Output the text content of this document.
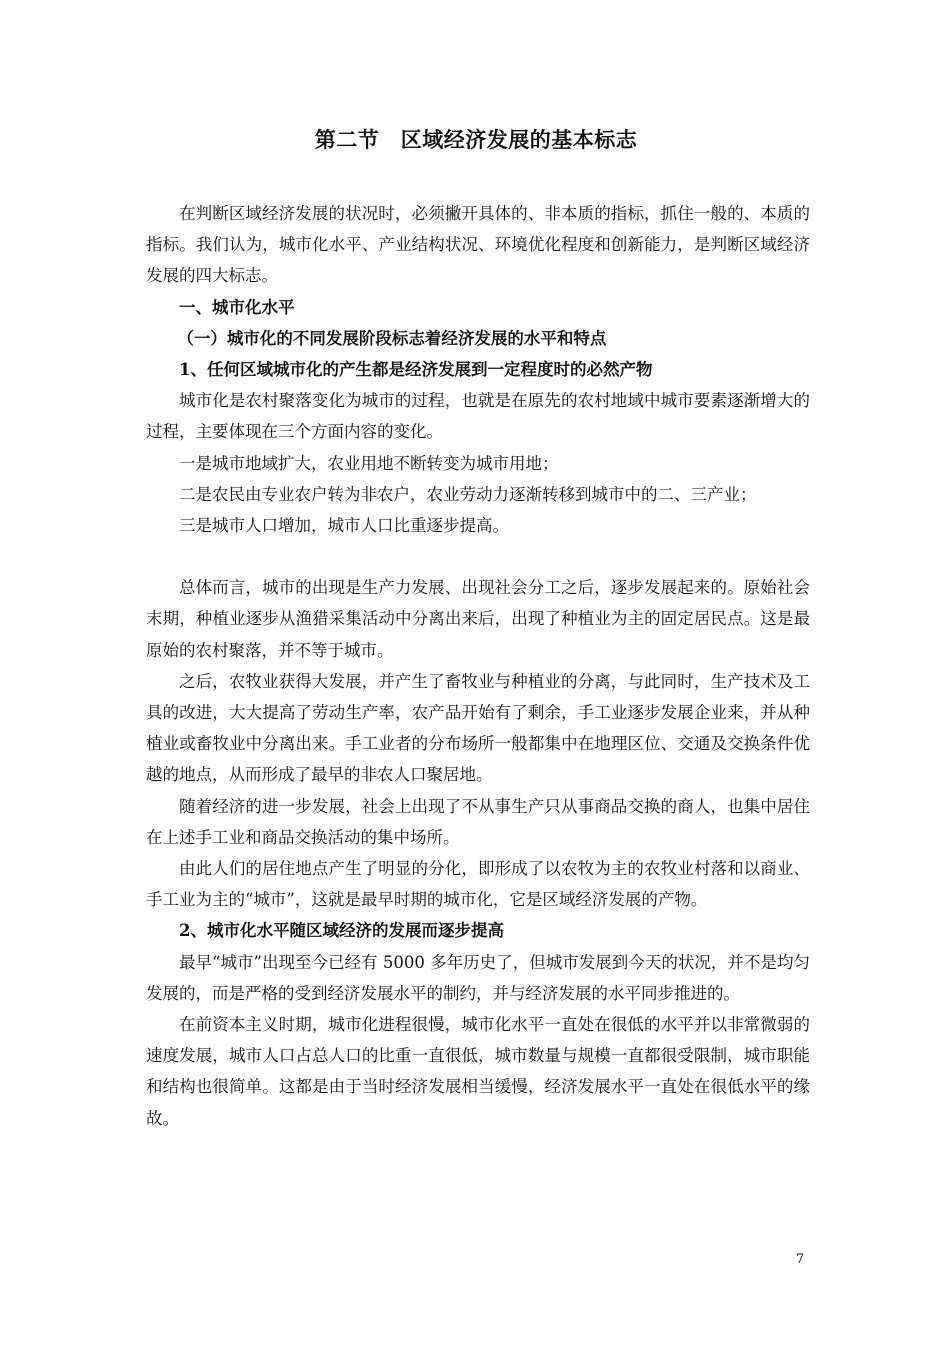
第二节　区域经济发展的基本标志

在判断区域经济发展的状况时，必须撇开具体的、非本质的指标，抓住一般的、本质的指标。我们认为，城市化水平、产业结构状况、环境优化程度和创新能力，是判断区域经济发展的四大标志。

一、城市化水平

（一）城市化的不同发展阶段标志着经济发展的水平和特点

1、任何区域城市化的产生都是经济发展到一定程度时的必然产物

城市化是农村聚落变化为城市的过程，也就是在原先的农村地域中城市要素逐渐增大的过程，主要体现在三个方面内容的变化。

一是城市地域扩大，农业用地不断转变为城市用地；

二是农民由专业农户转为非农户，农业劳动力逐渐转移到城市中的二、三产业；

三是城市人口增加，城市人口比重逐步提高。

总体而言，城市的出现是生产力发展、出现社会分工之后，逐步发展起来的。原始社会末期，种植业逐步从渔猎采集活动中分离出来后，出现了种植业为主的固定居民点。这是最原始的农村聚落，并不等于城市。

之后，农牧业获得大发展，并产生了畜牧业与种植业的分离，与此同时，生产技术及工具的改进，大大提高了劳动生产率，农产品开始有了剩余，手工业逐步发展企业来，并从种植业或畜牧业中分离出来。手工业者的分布场所一般都集中在地理区位、交通及交换条件优越的地点，从而形成了最早的非农人口聚居地。

随着经济的进一步发展，社会上出现了不从事生产只从事商品交换的商人，也集中居住在上述手工业和商品交换活动的集中场所。

由此人们的居住地点产生了明显的分化，即形成了以农牧为主的农牧业村落和以商业、手工业为主的“城市”，这就是最早时期的城市化，它是区域经济发展的产物。

2、城市化水平随区域经济的发展而逐步提高

最早“城市”出现至今已经有 5000 多年历史了，但城市发展到今天的状况，并不是均匀发展的，而是严格的受到经济发展水平的制约，并与经济发展的水平同步推进的。

在前资本主义时期，城市化进程很慢，城市化水平一直处在很低的水平并以非常微弱的速度发展，城市人口占总人口的比重一直很低，城市数量与规模一直都很受限制，城市职能和结构也很简单。这都是由于当时经济发展相当缓慢，经济发展水平一直处在很低水平的缘故。

7
